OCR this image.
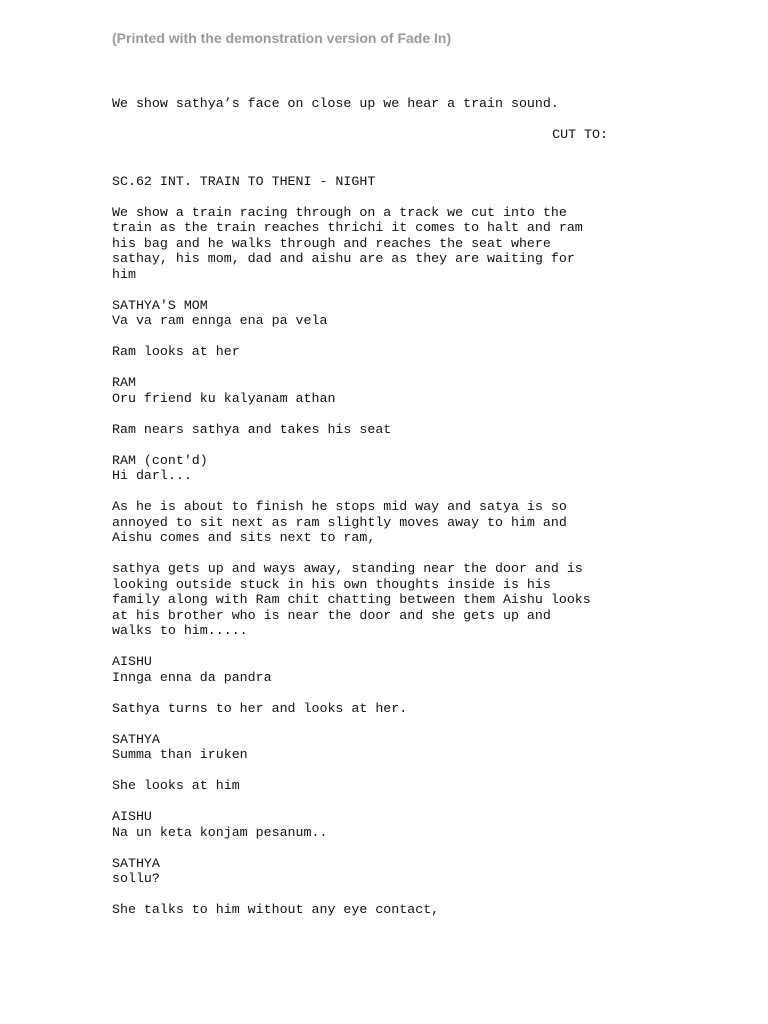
(Printed with the demonstration version of Fade In)

We show sathya’s face on close up we hear a train sound.

CUT TO:

SC.62 INT. TRAIN TO THENI - NIGHT

We show a train racing through on a track we cut into the
train as the train reaches thrichi it comes to halt and ram
his bag and he walks through and reaches the seat where
sathay, his mom, dad and aishu are as they are waiting for
him

SATHYA'S MOM

Va va ram ennga ena pa vela

Ram looks at her

RAM

Oru friend ku kalyanam athan

Ram nears sathya and takes his seat

RAM (cont'd)

Hi darl...

As he is about to finish he stops mid way and satya is so
annoyed to sit next as ram slightly moves away to him and
Aishu comes and sits next to ram,

sathya gets up and ways away, standing near the door and is
looking outside stuck in his own thoughts inside is his
family along with Ram chit chatting between them Aishu looks
at his brother who is near the door and she gets up and
walks to him.....

AISHU

Innga enna da pandra

Sathya turns to her and looks at her.

SATHYA

Summa than iruken

She looks at him

AISHU

Na un keta konjam pesanum..

SATHYA

sollu?

She talks to him without any eye contact,
